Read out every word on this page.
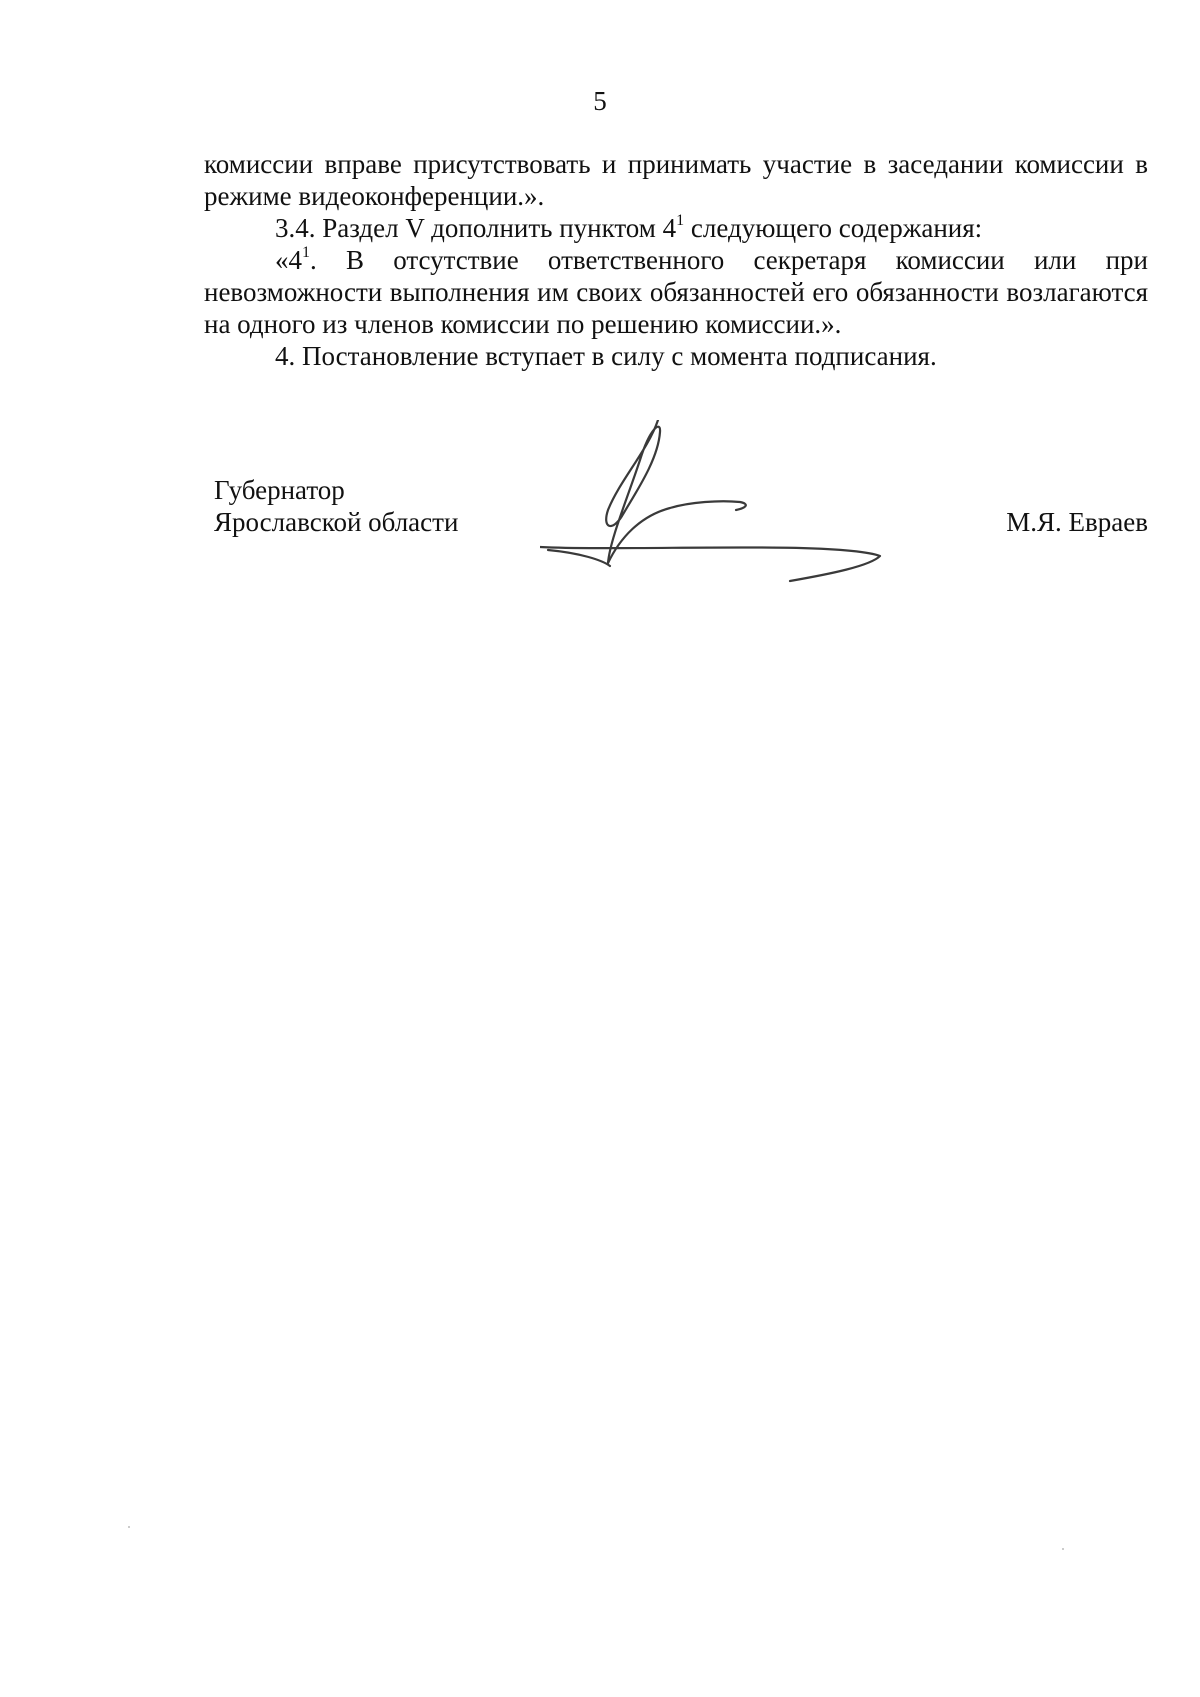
5

комиссии вправе присутствовать и принимать участие в заседании комиссии в режиме видеоконференции.».

3.4. Раздел V дополнить пунктом $4^1$ следующего содержания:

«$4^1$. В отсутствие ответственного секретаря комиссии или при невозможности выполнения им своих обязанностей его обязанности возлагаются на одного из членов комиссии по решению комиссии.».

4. Постановление вступает в силу с момента подписания.

Губернатор
Ярославской области	М.Я. Евраев
